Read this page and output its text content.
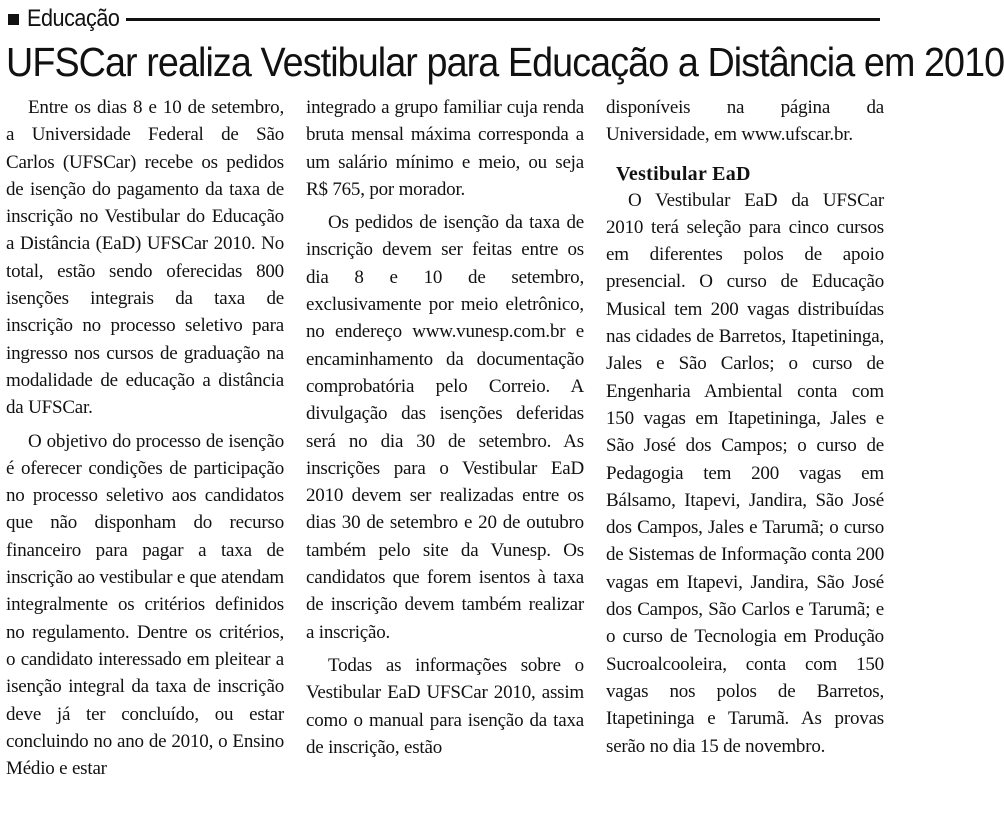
Educação
UFSCar realiza Vestibular para Educação a Distância em 2010

Entre os dias 8 e 10 de setembro, a Universidade Federal de São Carlos (UFSCar) recebe os pedidos de isenção do pagamento da taxa de inscrição no Vestibular do Educação a Distância (EaD) UFSCar 2010. No total, estão sendo oferecidas 800 isenções integrais da taxa de inscrição no processo seletivo para ingresso nos cursos de graduação na modalidade de educação a distância da UFSCar.

O objetivo do processo de isenção é oferecer condições de participação no processo seletivo aos candidatos que não disponham do recurso financeiro para pagar a taxa de inscrição ao vestibular e que atendam integralmente os critérios definidos no regulamento. Dentre os critérios, o candidato interessado em pleitear a isenção integral da taxa de inscrição deve já ter concluído, ou estar concluindo no ano de 2010, o Ensino Médio e estar

integrado a grupo familiar cuja renda bruta mensal máxima corresponda a um salário mínimo e meio, ou seja R$ 765, por morador.

Os pedidos de isenção da taxa de inscrição devem ser feitas entre os dia 8 e 10 de setembro, exclusivamente por meio eletrônico, no endereço www.vunesp.com.br e encaminhamento da documentação comprobatória pelo Correio. A divulgação das isenções deferidas será no dia 30 de setembro. As inscrições para o Vestibular EaD 2010 devem ser realizadas entre os dias 30 de setembro e 20 de outubro também pelo site da Vunesp. Os candidatos que forem isentos à taxa de inscrição devem também realizar a inscrição.

Todas as informações sobre o Vestibular EaD UFSCar 2010, assim como o manual para isenção da taxa de inscrição, estão

disponíveis na página da Universidade, em www.ufscar.br.

Vestibular EaD

O Vestibular EaD da UFSCar 2010 terá seleção para cinco cursos em diferentes polos de apoio presencial. O curso de Educação Musical tem 200 vagas distribuídas nas cidades de Barretos, Itapetininga, Jales e São Carlos; o curso de Engenharia Ambiental conta com 150 vagas em Itapetininga, Jales e São José dos Campos; o curso de Pedagogia tem 200 vagas em Bálsamo, Itapevi, Jandira, São José dos Campos, Jales e Tarumã; o curso de Sistemas de Informação conta 200 vagas em Itapevi, Jandira, São José dos Campos, São Carlos e Tarumã; e o curso de Tecnologia em Produção Sucroalcooleira, conta com 150 vagas nos polos de Barretos, Itapetininga e Tarumã. As provas serão no dia 15 de novembro.
